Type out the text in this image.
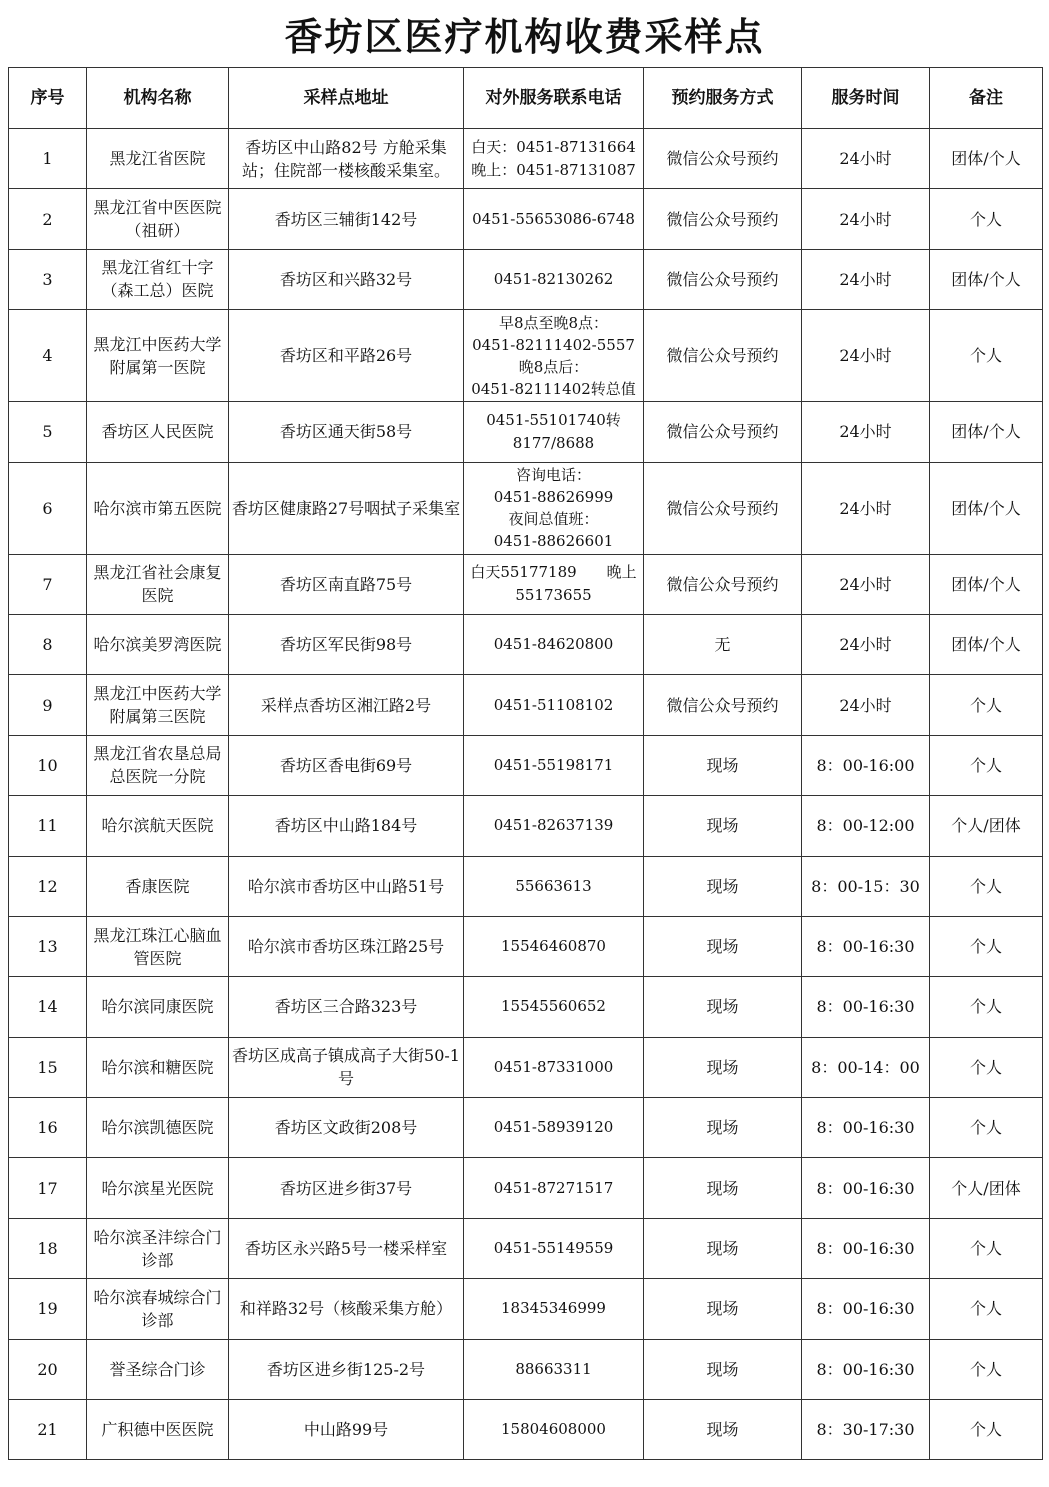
香坊区医疗机构收费采样点
序号	机构名称	采样点地址	对外服务联系电话	预约服务方式	服务时间	备注
1	黑龙江省医院	香坊区中山路82号 方舱采集站；住院部一楼核酸采集室。	白天：0451-87131664
晚上：0451-87131087	微信公众号预约	24小时	团体/个人
2	黑龙江省中医医院（祖研）	香坊区三辅街142号	0451-55653086-6748	微信公众号预约	24小时	个人
3	黑龙江省红十字（森工总）医院	香坊区和兴路32号	0451-82130262	微信公众号预约	24小时	团体/个人
4	黑龙江中医药大学附属第一医院	香坊区和平路26号	早8点至晚8点：
0451-82111402-5557
晚8点后：
0451-82111402转总值	微信公众号预约	24小时	个人
5	香坊区人民医院	香坊区通天街58号	0451-55101740转
8177/8688	微信公众号预约	24小时	团体/个人
6	哈尔滨市第五医院	香坊区健康路27号咽拭子采集室	咨询电话：
0451-88626999
夜间总值班：
0451-88626601	微信公众号预约	24小时	团体/个人
7	黑龙江省社会康复医院	香坊区南直路75号	白天55177189　　晚上
55173655	微信公众号预约	24小时	团体/个人
8	哈尔滨美罗湾医院	香坊区军民街98号	0451-84620800	无	24小时	团体/个人
9	黑龙江中医药大学附属第三医院	采样点香坊区湘江路2号	0451-51108102	微信公众号预约	24小时	个人
10	黑龙江省农垦总局总医院一分院	香坊区香电街69号	0451-55198171	现场	8：00-16:00	个人
11	哈尔滨航天医院	香坊区中山路184号	0451-82637139	现场	8：00-12:00	个人/团体
12	香康医院	哈尔滨市香坊区中山路51号	55663613	现场	8：00-15：30	个人
13	黑龙江珠江心脑血管医院	哈尔滨市香坊区珠江路25号	15546460870	现场	8：00-16:30	个人
14	哈尔滨同康医院	香坊区三合路323号	15545560652	现场	8：00-16:30	个人
15	哈尔滨和糖医院	香坊区成高子镇成高子大街50-1号	0451-87331000	现场	8：00-14：00	个人
16	哈尔滨凯德医院	香坊区文政街208号	0451-58939120	现场	8：00-16:30	个人
17	哈尔滨星光医院	香坊区进乡街37号	0451-87271517	现场	8：00-16:30	个人/团体
18	哈尔滨圣沣综合门诊部	香坊区永兴路5号一楼采样室	0451-55149559	现场	8：00-16:30	个人
19	哈尔滨春城综合门诊部	和祥路32号（核酸采集方舱）	18345346999	现场	8：00-16:30	个人
20	誉圣综合门诊	香坊区进乡街125-2号	88663311	现场	8：00-16:30	个人
21	广积德中医医院	中山路99号	15804608000	现场	8：30-17:30	个人
